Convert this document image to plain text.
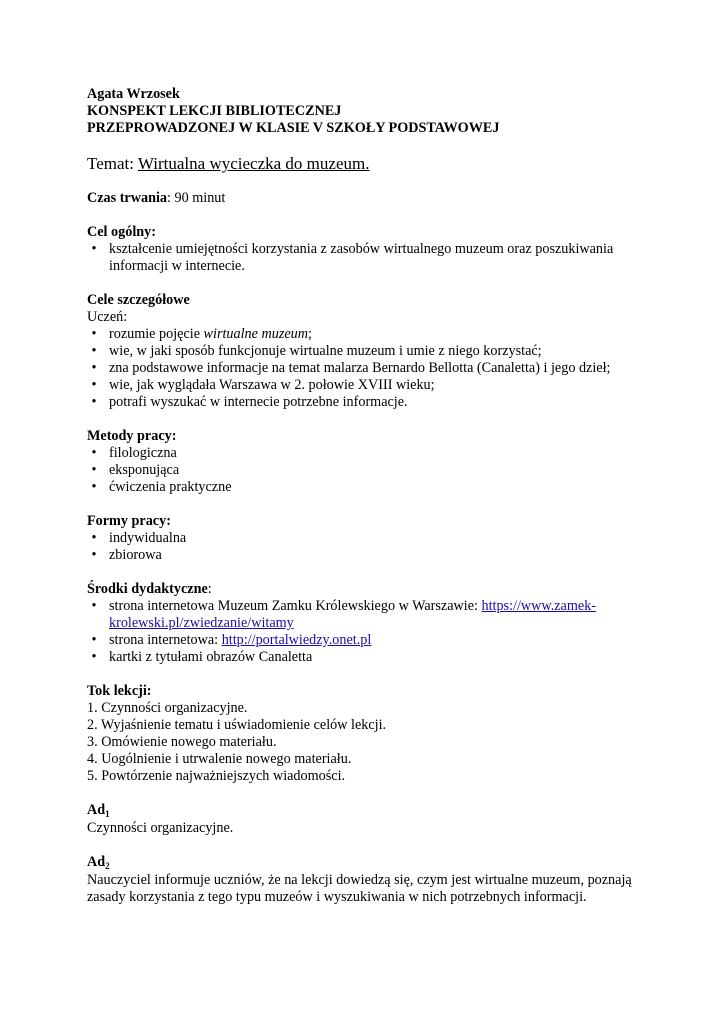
Agata Wrzosek
KONSPEKT LEKCJI BIBLIOTECZNEJ
PRZEPROWADZONEJ W KLASIE V SZKOŁY PODSTAWOWEJ
Temat: Wirtualna wycieczka do muzeum.
Czas trwania: 90 minut
Cel ogólny:
• kształcenie umiejętności korzystania z zasobów wirtualnego muzeum oraz poszukiwania informacji w internecie.
Cele szczegółowe
Uczeń:
• rozumie pojęcie wirtualne muzeum;
• wie, w jaki sposób funkcjonuje wirtualne muzeum i umie z niego korzystać;
• zna podstawowe informacje na temat malarza Bernardo Bellotta (Canaletta) i jego dzieł;
• wie, jak wyglądała Warszawa w 2. połowie XVIII wieku;
• potrafi wyszukać w internecie potrzebne informacje.
Metody pracy:
• filologiczna
• eksponująca
• ćwiczenia praktyczne
Formy pracy:
• indywidualna
• zbiorowa
Środki dydaktyczne:
• strona internetowa Muzeum Zamku Królewskiego w Warszawie: https://www.zamek-
krolewski.pl/zwiedzanie/witamy
• strona internetowa: http://portalwiedzy.onet.pl
• kartki z tytułami obrazów Canaletta
Tok lekcji:
1. Czynności organizacyjne.
2. Wyjaśnienie tematu i uświadomienie celów lekcji.
3. Omówienie nowego materiału.
4. Uogólnienie i utrwalenie nowego materiału.
5. Powtórzenie najważniejszych wiadomości.
$Ad_1$
Czynności organizacyjne.
$Ad_2$
Nauczyciel informuje uczniów, że na lekcji dowiedzą się, czym jest wirtualne muzeum, poznają
zasady korzystania z tego typu muzeów i wyszukiwania w nich potrzebnych informacji.
